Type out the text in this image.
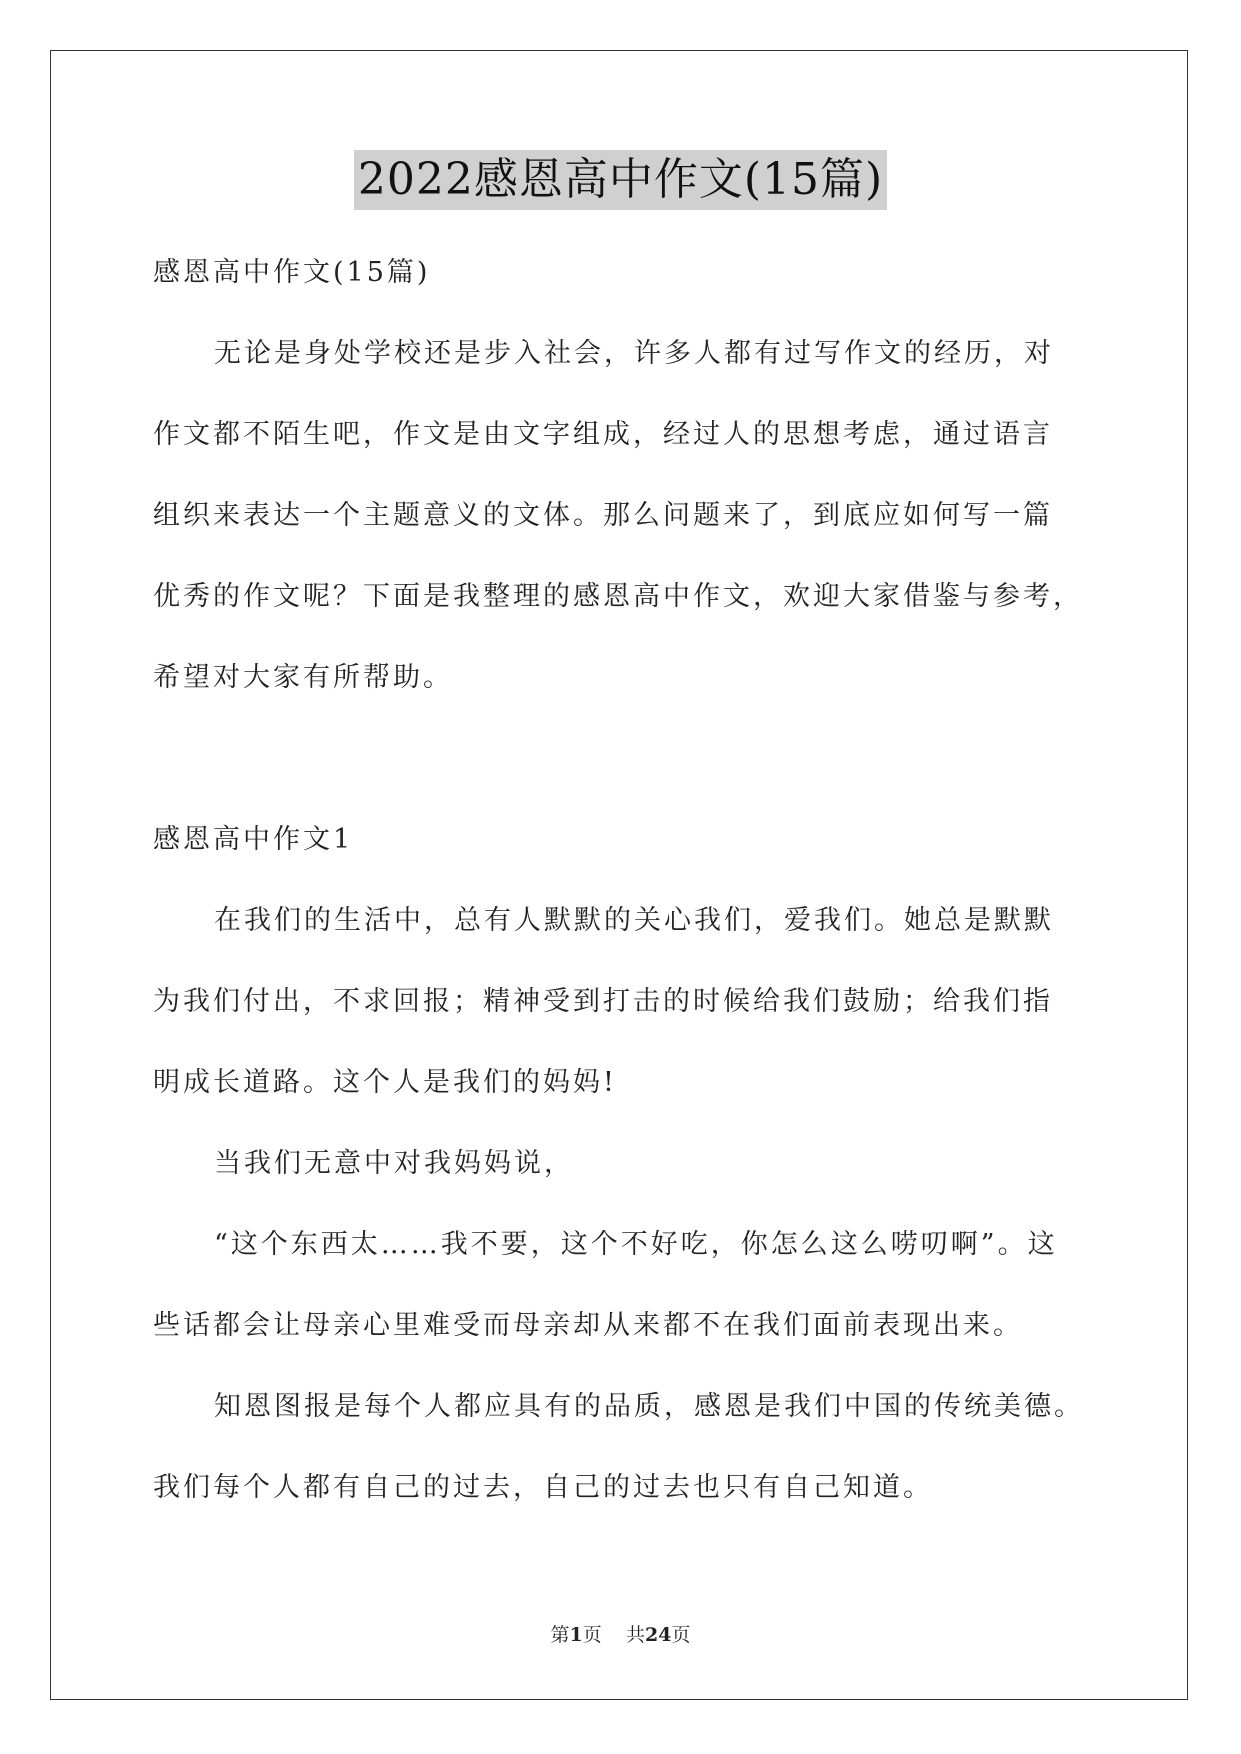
2022感恩高中作文(15篇)
感恩高中作文(15篇)
无论是身处学校还是步入社会，许多人都有过写作文的经历，对
作文都不陌生吧，作文是由文字组成，经过人的思想考虑，通过语言
组织来表达一个主题意义的文体。那么问题来了，到底应如何写一篇
优秀的作文呢？下面是我整理的感恩高中作文，欢迎大家借鉴与参考，
希望对大家有所帮助。
感恩高中作文1
在我们的生活中，总有人默默的关心我们，爱我们。她总是默默
为我们付出，不求回报；精神受到打击的时候给我们鼓励；给我们指
明成长道路。这个人是我们的妈妈!
当我们无意中对我妈妈说，
“这个东西太……我不要，这个不好吃，你怎么这么唠叨啊”。这
些话都会让母亲心里难受而母亲却从来都不在我们面前表现出来。
知恩图报是每个人都应具有的品质，感恩是我们中国的传统美德。
我们每个人都有自己的过去，自己的过去也只有自己知道。
第1页 共24页
